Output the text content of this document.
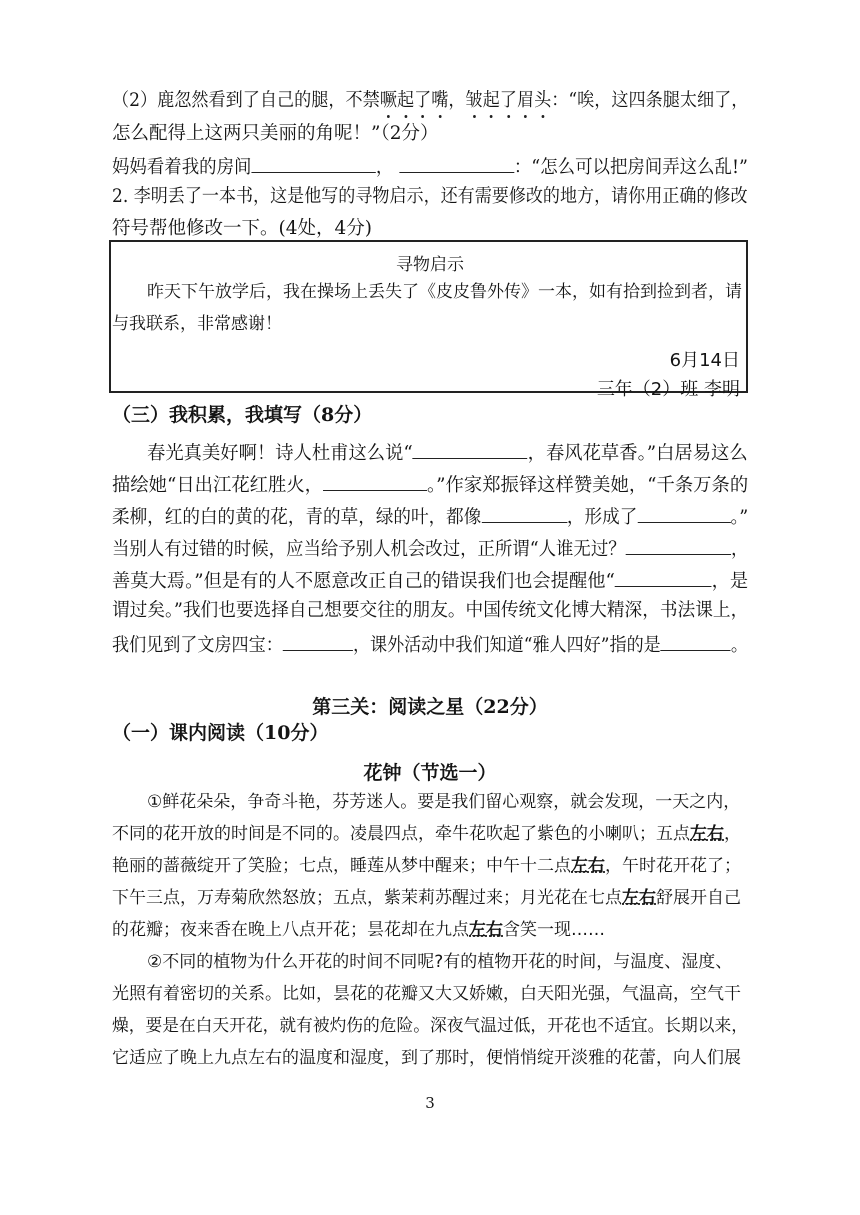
（2）鹿忽然看到了自己的腿，不禁噘起了嘴，皱起了眉头：“唉，这四条腿太细了，
怎么配得上这两只美丽的角呢！”（2分）
妈妈看着我的房间	，	：“怎么可以把房间弄这么乱!”
2. 李明丢了一本书，这是他写的寻物启示，还有需要修改的地方，请你用正确的修改
符号帮他修改一下。(4处，4分)
寻物启示
昨天下午放学后，我在操场上丢失了《皮皮鲁外传》一本，如有拾到捡到者，请
与我联系，非常感谢！
6月14日
三年（2）班 李明
（三）我积累，我填写（8分）
春光真美好啊！诗人杜甫这么说“	，春风花草香。”白居易这么
描绘她“日出江花红胜火，	。”作家郑振铎这样赞美她，“千条万条的
柔柳，红的白的黄的花，青的草，绿的叶，都像	，形成了	。”
当别人有过错的时候，应当给予别人机会改过，正所谓“人谁无过？	，
善莫大焉。”但是有的人不愿意改正自己的错误我们也会提醒他“	，是
谓过矣。”我们也要选择自己想要交往的朋友。中国传统文化博大精深，书法课上，
我们见到了文房四宝：	，课外活动中我们知道“雅人四好”指的是	。
第三关：阅读之星（22分）
（一）课内阅读（10分）
花钟（节选一）
①鲜花朵朵，争奇斗艳，芬芳迷人。要是我们留心观察，就会发现，一天之内，
不同的花开放的时间是不同的。凌晨四点，牵牛花吹起了紫色的小喇叭；五点左右，
艳丽的蔷薇绽开了笑脸；七点，睡莲从梦中醒来；中午十二点左右，午时花开花了；
下午三点，万寿菊欣然怒放；五点，紫茉莉苏醒过来；月光花在七点左右舒展开自己
的花瓣；夜来香在晚上八点开花；昙花却在九点左右含笑一现……
②不同的植物为什么开花的时间不同呢?有的植物开花的时间，与温度、湿度、
光照有着密切的关系。比如，昙花的花瓣又大又娇嫩，白天阳光强，气温高，空气干
燥，要是在白天开花，就有被灼伤的危险。深夜气温过低，开花也不适宜。长期以来，
它适应了晚上九点左右的温度和湿度，到了那时，便悄悄绽开淡雅的花蕾，向人们展
3
